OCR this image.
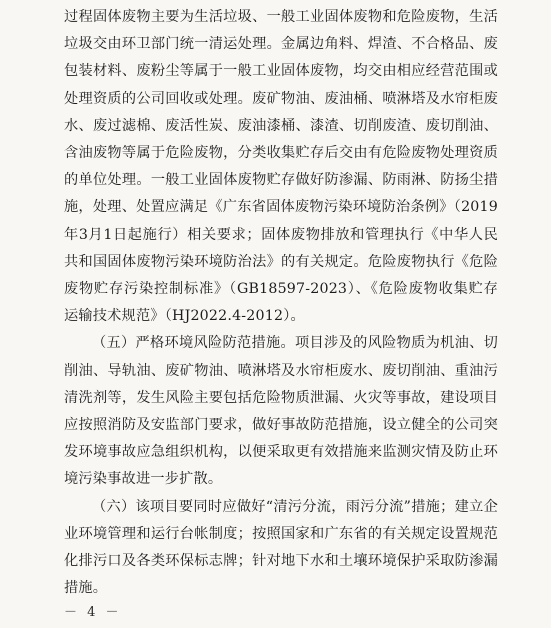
过程固体废物主要为生活垃圾、一般工业固体废物和危险废物，生活垃圾交由环卫部门统一清运处理。金属边角料、焊渣、不合格品、废包装材料、废粉尘等属于一般工业固体废物，均交由相应经营范围或处理资质的公司回收或处理。废矿物油、废油桶、喷淋塔及水帘柜废水、废过滤棉、废活性炭、废油漆桶、漆渣、切削废渣、废切削油、含油废物等属于危险废物，分类收集贮存后交由有危险废物处理资质的单位处理。一般工业固体废物贮存做好防渗漏、防雨淋、防扬尘措施，处理、处置应满足《广东省固体废物污染环境防治条例》（2019年3月1日起施行）相关要求；固体废物排放和管理执行《中华人民共和国固体废物污染环境防治法》的有关规定。危险废物执行《危险废物贮存污染控制标准》（GB18597-2023）、《危险废物收集贮存运输技术规范》（HJ2022.4-2012）。

（五）严格环境风险防范措施。项目涉及的风险物质为机油、切削油、导轨油、废矿物油、喷淋塔及水帘柜废水、废切削油、重油污清洗剂等，发生风险主要包括危险物质泄漏、火灾等事故，建设项目应按照消防及安监部门要求，做好事故防范措施，设立健全的公司突发环境事故应急组织机构，以便采取更有效措施来监测灾情及防止环境污染事故进一步扩散。

（六）该项目要同时应做好“清污分流，雨污分流”措施；建立企业环境管理和运行台帐制度；按照国家和广东省的有关规定设置规范化排污口及各类环保标志牌；针对地下水和土壤环境保护采取防渗漏措施。

－ 4 －
